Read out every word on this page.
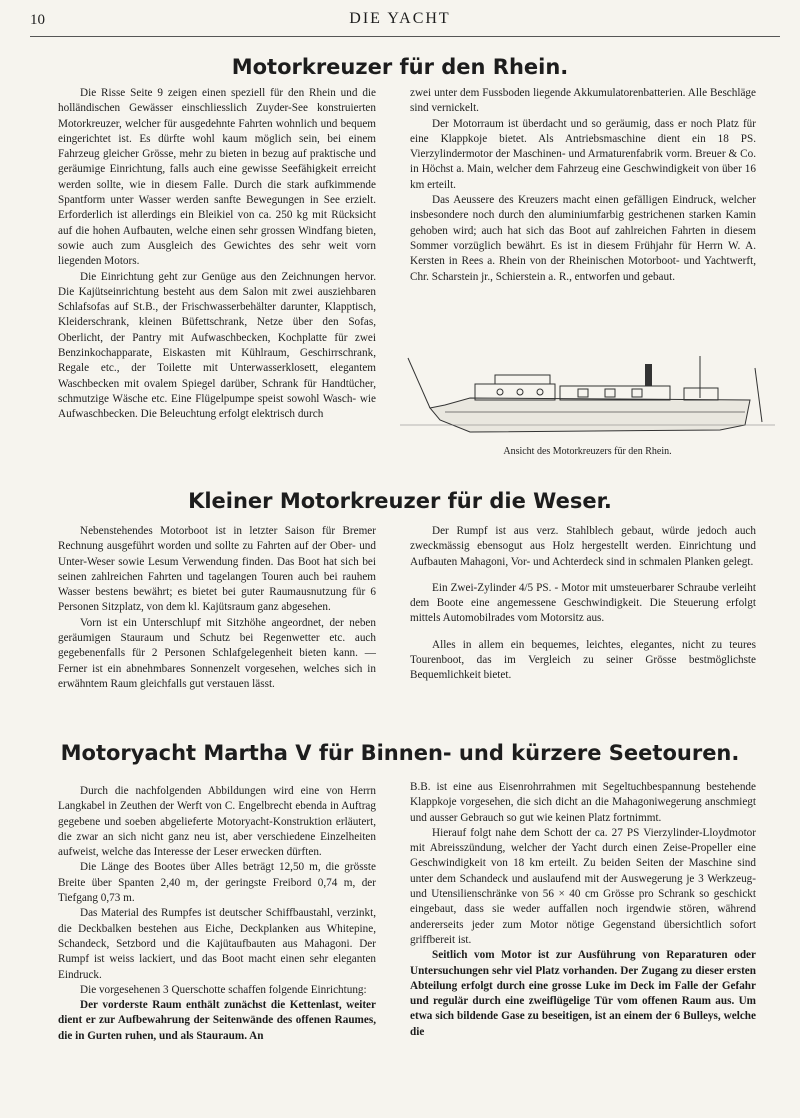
10	DIE YACHT
Motorkreuzer für den Rhein.

Die Risse Seite 9 zeigen einen speziell für den Rhein und die holländischen Gewässer einschliesslich Zuyder-See konstruierten Motorkreuzer, welcher für ausgedehnte Fahrten wohnlich und bequem eingerichtet ist. Es dürfte wohl kaum möglich sein, bei einem Fahrzeug gleicher Grösse, mehr zu bieten in bezug auf praktische und geräumige Einrichtung, falls auch eine gewisse Seefähigkeit erreicht werden sollte, wie in diesem Falle. Durch die stark aufkimmende Spantform unter Wasser werden sanfte Bewegungen in See erzielt. Erforderlich ist allerdings ein Bleikiel von ca. 250 kg mit Rücksicht auf die hohen Aufbauten, welche einen sehr grossen Windfang bieten, sowie auch zum Ausgleich des Gewichtes des sehr weit vorn liegenden Motors.

Die Einrichtung geht zur Genüge aus den Zeichnungen hervor. Die Kajütseinrichtung besteht aus dem Salon mit zwei ausziehbaren Schlafsofas auf St.B., der Frischwasserbehälter darunter, Klapptisch, Kleiderschrank, kleinen Büfettschrank, Netze über den Sofas, Oberlicht, der Pantry mit Aufwaschbecken, Kochplatte für zwei Benzinkochapparate, Eiskasten mit Kühlraum, Geschirrschrank, Regale etc., der Toilette mit Unterwasserklosett, elegantem Waschbecken mit ovalem Spiegel darüber, Schrank für Handtücher, schmutzige Wäsche etc. Eine Flügelpumpe speist sowohl Wasch- wie Aufwaschbecken. Die Beleuchtung erfolgt elektrisch durch

zwei unter dem Fussboden liegende Akkumulatorenbatterien. Alle Beschläge sind vernickelt.

Der Motorraum ist überdacht und so geräumig, dass er noch Platz für eine Klappkoje bietet. Als Antriebsmaschine dient ein 18 PS. Vierzylindermotor der Maschinen- und Armaturenfabrik vorm. Breuer & Co. in Höchst a. Main, welcher dem Fahrzeug eine Geschwindigkeit von über 16 km erteilt.

Das Aeussere des Kreuzers macht einen gefälligen Eindruck, welcher insbesondere noch durch den aluminiumfarbig gestrichenen starken Kamin gehoben wird; auch hat sich das Boot auf zahlreichen Fahrten in diesem Sommer vorzüglich bewährt. Es ist in diesem Frühjahr für Herrn W. A. Kersten in Rees a. Rhein von der Rheinischen Motorboot- und Yachtwerft, Chr. Scharstein jr., Schierstein a. R., entworfen und gebaut.

Ansicht des Motorkreuzers für den Rhein.
Kleiner Motorkreuzer für die Weser.

Nebenstehendes Motorboot ist in letzter Saison für Bremer Rechnung ausgeführt worden und sollte zu Fahrten auf der Ober- und Unter-Weser sowie Lesum Verwendung finden. Das Boot hat sich bei seinen zahlreichen Fahrten und tagelangen Touren auch bei rauhem Wasser bestens bewährt; es bietet bei guter Raumausnutzung für 6 Personen Sitzplatz, von dem kl. Kajütsraum ganz abgesehen.

Vorn ist ein Unterschlupf mit Sitzhöhe angeordnet, der neben geräumigen Stauraum und Schutz bei Regenwetter etc. auch gegebenenfalls für 2 Personen Schlafgelegenheit bieten kann. — Ferner ist ein abnehmbares Sonnenzelt vorgesehen, welches sich in erwähntem Raum gleichfalls gut verstauen lässt.

Der Rumpf ist aus verz. Stahlblech gebaut, würde jedoch auch zweckmässig ebensogut aus Holz hergestellt werden. Einrichtung und Aufbauten Mahagoni, Vor- und Achterdeck sind in schmalen Planken gelegt.

Ein Zwei-Zylinder 4/5 PS. - Motor mit umsteuerbarer Schraube verleiht dem Boote eine angemessene Geschwindigkeit. Die Steuerung erfolgt mittels Automobilrades vom Motorsitz aus.

Alles in allem ein bequemes, leichtes, elegantes, nicht zu teures Tourenboot, das im Vergleich zu seiner Grösse bestmöglichste Bequemlichkeit bietet.

Motoryacht Martha V für Binnen- und kürzere Seetouren.

Durch die nachfolgenden Abbildungen wird eine von Herrn Langkabel in Zeuthen der Werft von C. Engelbrecht ebenda in Auftrag gegebene und soeben abgelieferte Motoryacht-Konstruktion erläutert, die zwar an sich nicht ganz neu ist, aber verschiedene Einzelheiten aufweist, welche das Interesse der Leser erwecken dürften.

Die Länge des Bootes über Alles beträgt 12,50 m, die grösste Breite über Spanten 2,40 m, der geringste Freibord 0,74 m, der Tiefgang 0,73 m.

Das Material des Rumpfes ist deutscher Schiffbaustahl, verzinkt, die Deckbalken bestehen aus Eiche, Deckplanken aus Whitepine, Schandeck, Setzbord und die Kajütaufbauten aus Mahagoni. Der Rumpf ist weiss lackiert, und das Boot macht einen sehr eleganten Eindruck.

Die vorgesehenen 3 Querschotte schaffen folgende Einrichtung:

Der vorderste Raum enthält zunächst die Kettenlast, weiter dient er zur Aufbewahrung der Seitenwände des offenen Raumes, die in Gurten ruhen, und als Stauraum. An

B.B. ist eine aus Eisenrohrrahmen mit Segeltuchbespannung bestehende Klappkoje vorgesehen, die sich dicht an die Mahagoniwegerung anschmiegt und ausser Gebrauch so gut wie keinen Platz fortnimmt.

Hierauf folgt nahe dem Schott der ca. 27 PS Vierzylinder-Lloydmotor mit Abreisszündung, welcher der Yacht durch einen Zeise-Propeller eine Geschwindigkeit von 18 km erteilt. Zu beiden Seiten der Maschine sind unter dem Schandeck und auslaufend mit der Auswegerung je 3 Werkzeug- und Utensilienschränke von 56 × 40 cm Grösse pro Schrank so geschickt eingebaut, dass sie weder auffallen noch irgendwie stören, während andererseits jeder zum Motor nötige Gegenstand übersichtlich sofort griffbereit ist.

Seitlich vom Motor ist zur Ausführung von Reparaturen oder Untersuchungen sehr viel Platz vorhanden. Der Zugang zu dieser ersten Abteilung erfolgt durch eine grosse Luke im Deck im Falle der Gefahr und regulär durch eine zweiflügelige Tür vom offenen Raum aus. Um etwa sich bildende Gase zu beseitigen, ist an einem der 6 Bulleys, welche die
